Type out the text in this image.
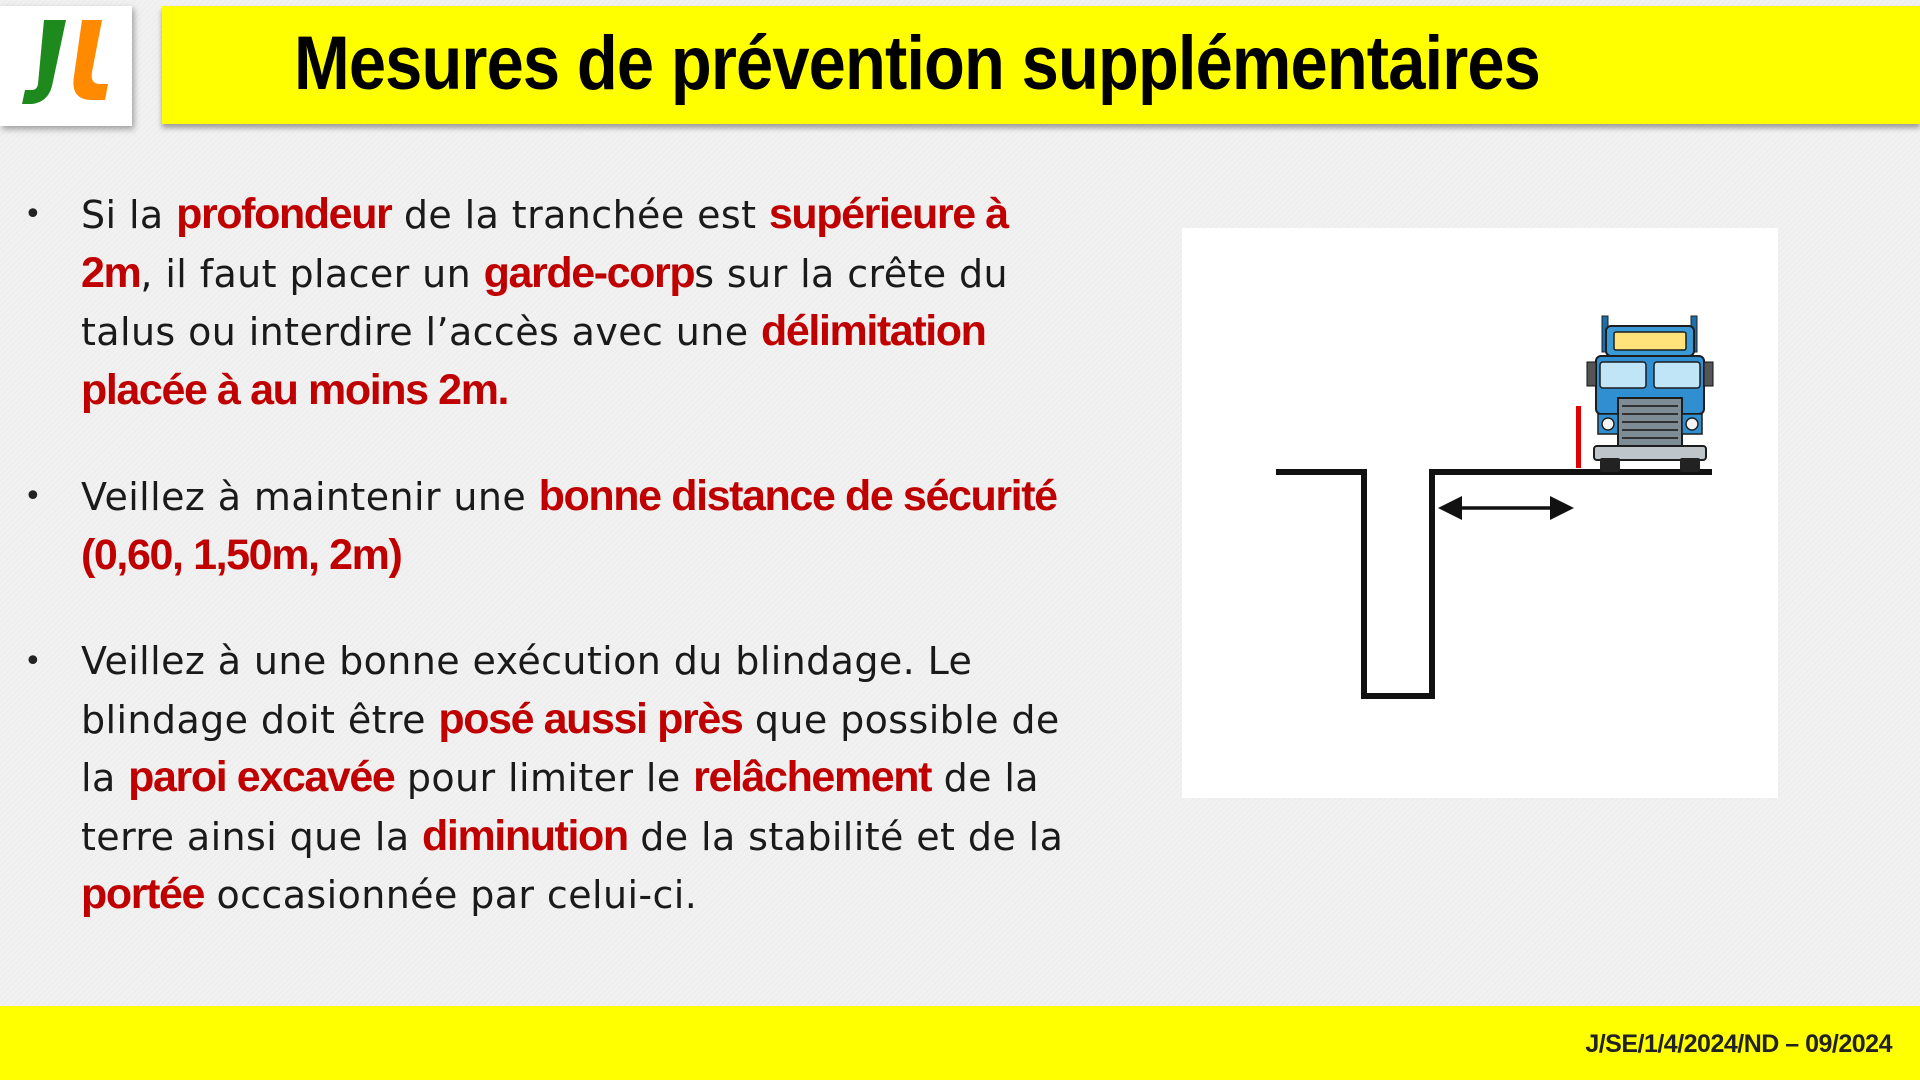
Mesures de prévention supplémentaires
• Si la profondeur de la tranchée est supérieure à 2m, il faut placer un garde-corps sur la crête du talus ou interdire l’accès avec une délimitation placée à au moins 2m.
• Veillez à maintenir une bonne distance de sécurité (0,60, 1,50m, 2m)
• Veillez à une bonne exécution du blindage. Le blindage doit être posé aussi près que possible de la paroi excavée pour limiter le relâchement de la terre ainsi que la diminution de la stabilité et de la portée occasionnée par celui-ci.
J/SE/1/4/2024/ND – 09/2024
